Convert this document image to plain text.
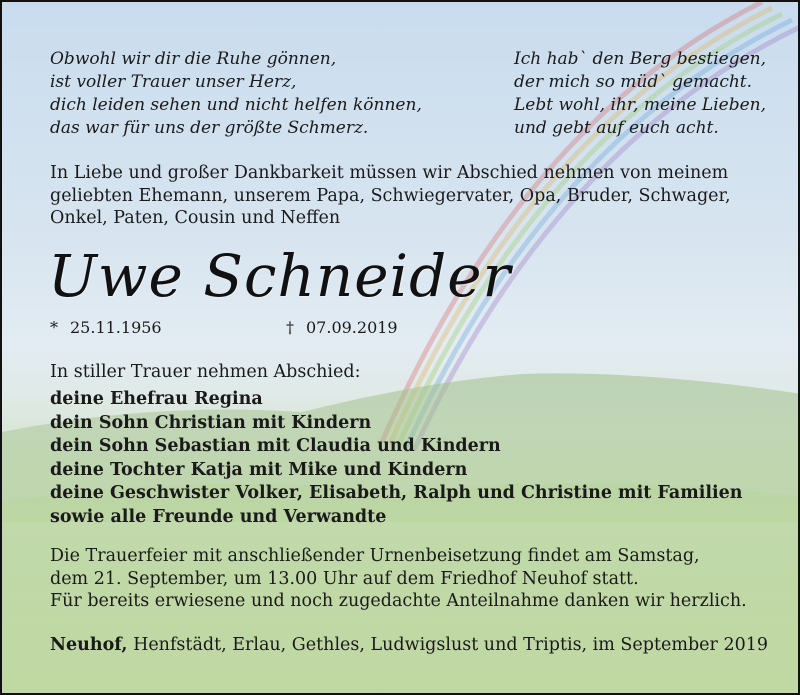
Obwohl wir dir die Ruhe gönnen,
ist voller Trauer unser Herz,
dich leiden sehen und nicht helfen können,
das war für uns der größte Schmerz.
Ich hab` den Berg bestiegen,
der mich so müd` gemacht.
Lebt wohl, ihr, meine Lieben,
und gebt auf euch acht.
In Liebe und großer Dankbarkeit müssen wir Abschied nehmen von meinem
geliebten Ehemann, unserem Papa, Schwiegervater, Opa, Bruder, Schwager,
Onkel, Paten, Cousin und Neffen
Uwe Schneider
* 25.11.1956	† 07.09.2019
In stiller Trauer nehmen Abschied:
deine Ehefrau Regina
dein Sohn Christian mit Kindern
dein Sohn Sebastian mit Claudia und Kindern
deine Tochter Katja mit Mike und Kindern
deine Geschwister Volker, Elisabeth, Ralph und Christine mit Familien
sowie alle Freunde und Verwandte
Die Trauerfeier mit anschließender Urnenbeisetzung findet am Samstag,
dem 21. September, um 13.00 Uhr auf dem Friedhof Neuhof statt.
Für bereits erwiesene und noch zugedachte Anteilnahme danken wir herzlich.
Neuhof, Henfstädt, Erlau, Gethles, Ludwigslust und Triptis, im September 2019
